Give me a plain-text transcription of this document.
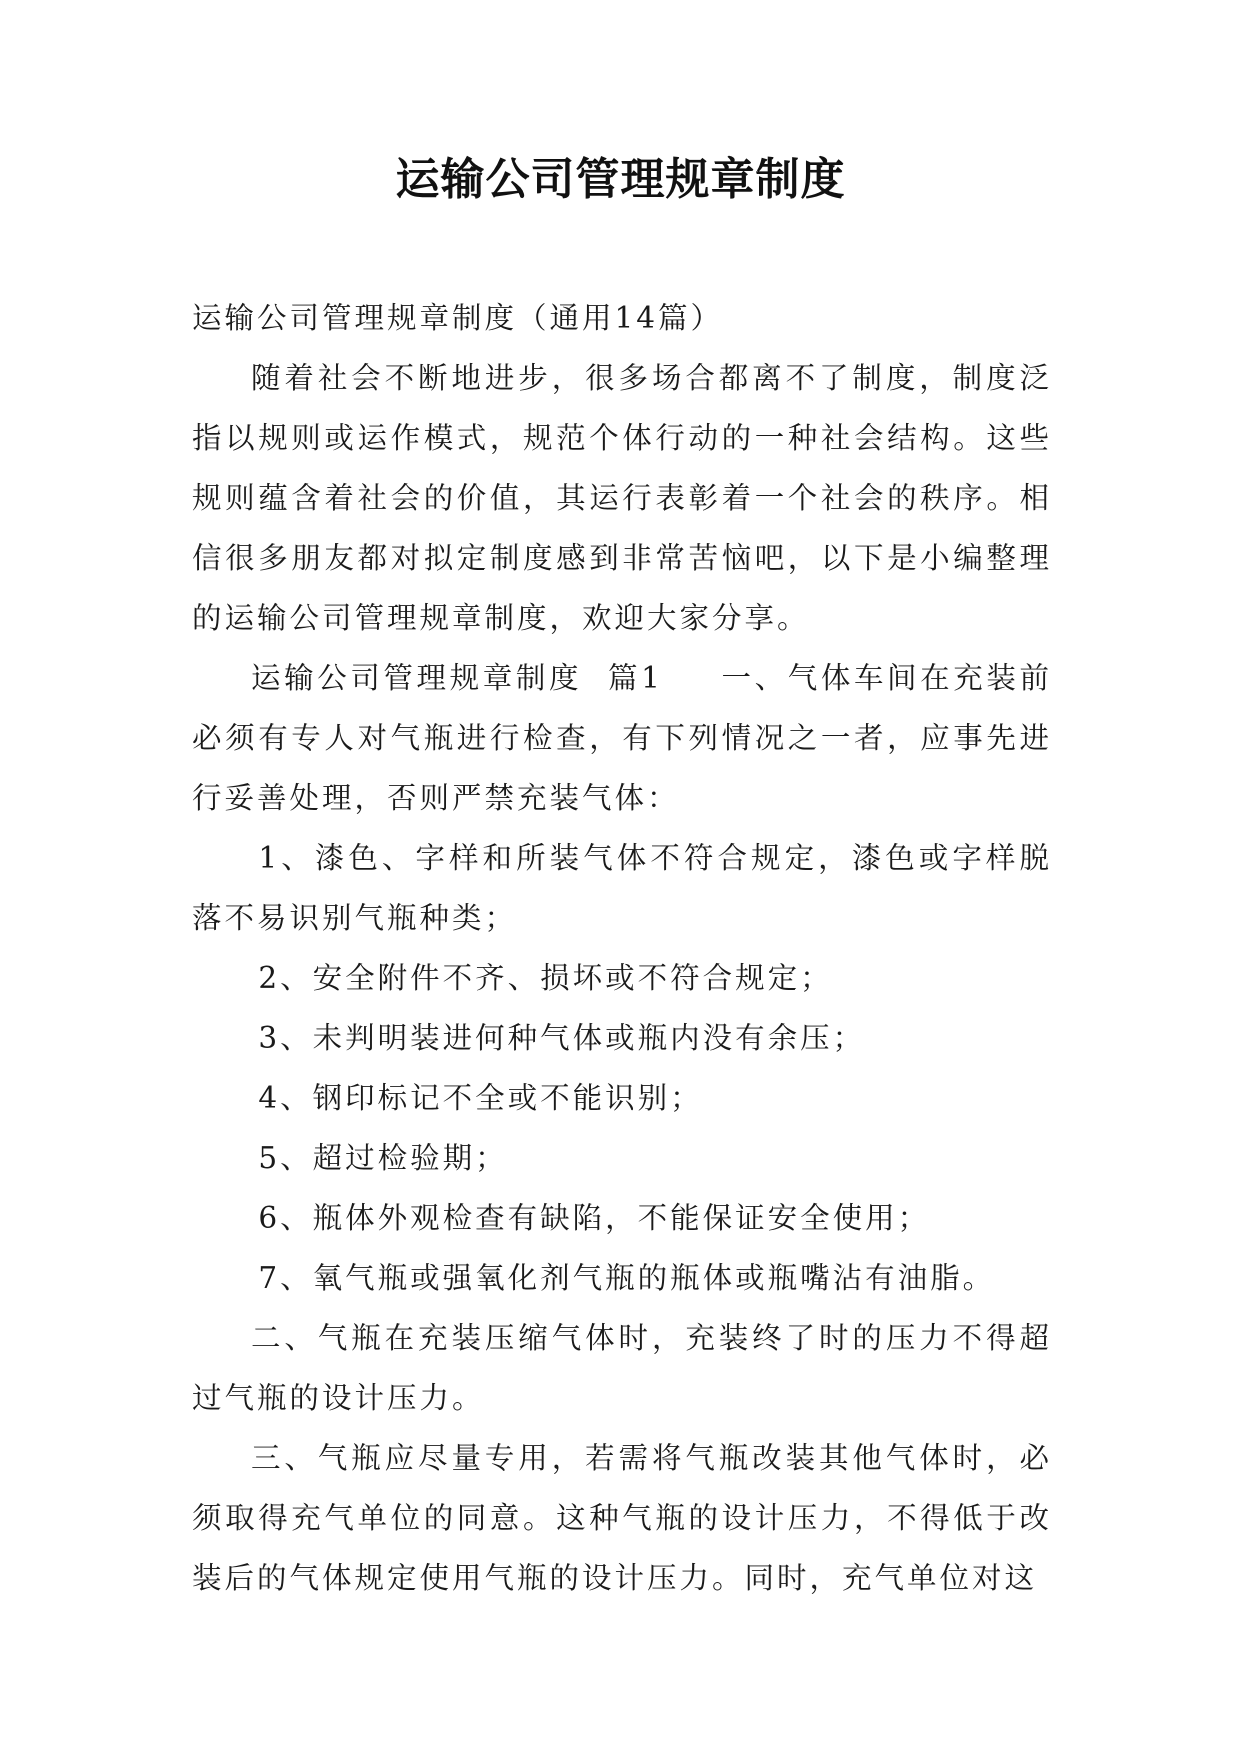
运输公司管理规章制度

运输公司管理规章制度（通用14篇）

随着社会不断地进步，很多场合都离不了制度，制度泛指以规则或运作模式，规范个体行动的一种社会结构。这些规则蕴含着社会的价值，其运行表彰着一个社会的秩序。相信很多朋友都对拟定制度感到非常苦恼吧，以下是小编整理的运输公司管理规章制度，欢迎大家分享。

运输公司管理规章制度  篇1 一、气体车间在充装前必须有专人对气瓶进行检查，有下列情况之一者，应事先进行妥善处理，否则严禁充装气体：

1、漆色、字样和所装气体不符合规定，漆色或字样脱落不易识别气瓶种类；

2、安全附件不齐、损坏或不符合规定；

3、未判明装进何种气体或瓶内没有余压；

4、钢印标记不全或不能识别；

5、超过检验期；

6、瓶体外观检查有缺陷，不能保证安全使用；

7、氧气瓶或强氧化剂气瓶的瓶体或瓶嘴沾有油脂。

二、气瓶在充装压缩气体时，充装终了时的压力不得超过气瓶的设计压力。

三、气瓶应尽量专用，若需将气瓶改装其他气体时，必须取得充气单位的同意。这种气瓶的设计压力，不得低于改装后的气体规定使用气瓶的设计压力。同时，充气单位对这
